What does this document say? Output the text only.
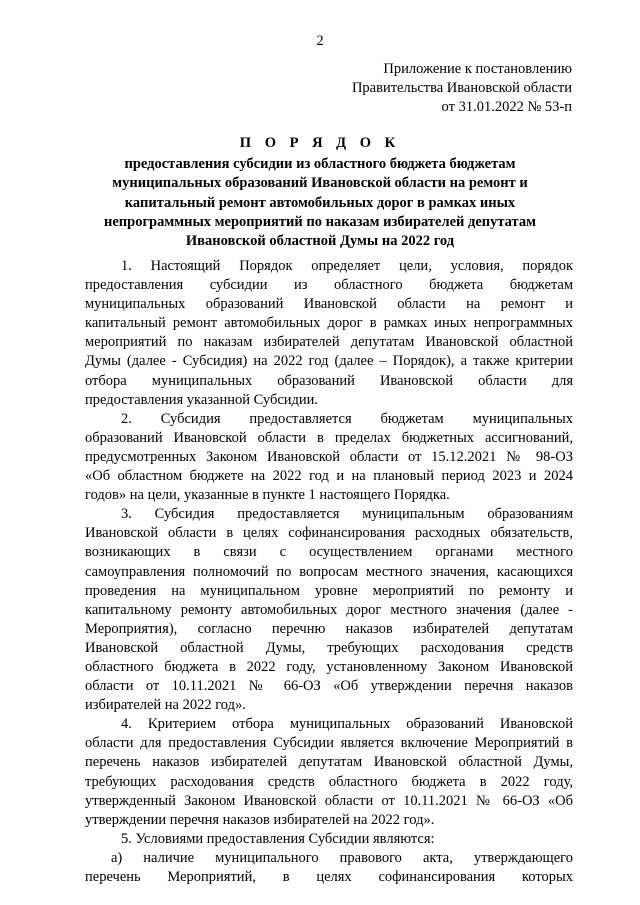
2
Приложение к постановлению
Правительства Ивановской области
от 31.01.2022 № 53-п
П О Р Я Д О К
предоставления субсидии из областного бюджета бюджетам
муниципальных образований Ивановской области на ремонт и
капитальный ремонт автомобильных дорог в рамках иных
непрограммных мероприятий по наказам избирателей депутатам
Ивановской областной Думы на 2022 год
1. Настоящий Порядок определяет цели, условия, порядок
предоставления субсидии из областного бюджета бюджетам
муниципальных образований Ивановской области на ремонт и
капитальный ремонт автомобильных дорог в рамках иных непрограммных
мероприятий по наказам избирателей депутатам Ивановской областной
Думы (далее - Субсидия) на 2022 год (далее – Порядок), а также критерии
отбора муниципальных образований Ивановской области для
предоставления указанной Субсидии.
2. Субсидия предоставляется бюджетам муниципальных
образований Ивановской области в пределах бюджетных ассигнований,
предусмотренных Законом Ивановской области от 15.12.2021 № 98-ОЗ
«Об областном бюджете на 2022 год и на плановый период 2023 и 2024
годов» на цели, указанные в пункте 1 настоящего Порядка.
3. Субсидия предоставляется муниципальным образованиям
Ивановской области в целях софинансирования расходных обязательств,
возникающих в связи с осуществлением органами местного
самоуправления полномочий по вопросам местного значения, касающихся
проведения на муниципальном уровне мероприятий по ремонту и
капитальному ремонту автомобильных дорог местного значения (далее -
Мероприятия), согласно перечню наказов избирателей депутатам
Ивановской областной Думы, требующих расходования средств
областного бюджета в 2022 году, установленному Законом Ивановской
области от 10.11.2021 № 66-ОЗ «Об утверждении перечня наказов
избирателей на 2022 год».
4. Критерием отбора муниципальных образований Ивановской
области для предоставления Субсидии является включение Мероприятий в
перечень наказов избирателей депутатам Ивановской областной Думы,
требующих расходования средств областного бюджета в 2022 году,
утвержденный Законом Ивановской области от 10.11.2021 № 66-ОЗ «Об
утверждении перечня наказов избирателей на 2022 год».
5. Условиями предоставления Субсидии являются:
а) наличие муниципального правового акта, утверждающего
перечень Мероприятий, в целях софинансирования которых
